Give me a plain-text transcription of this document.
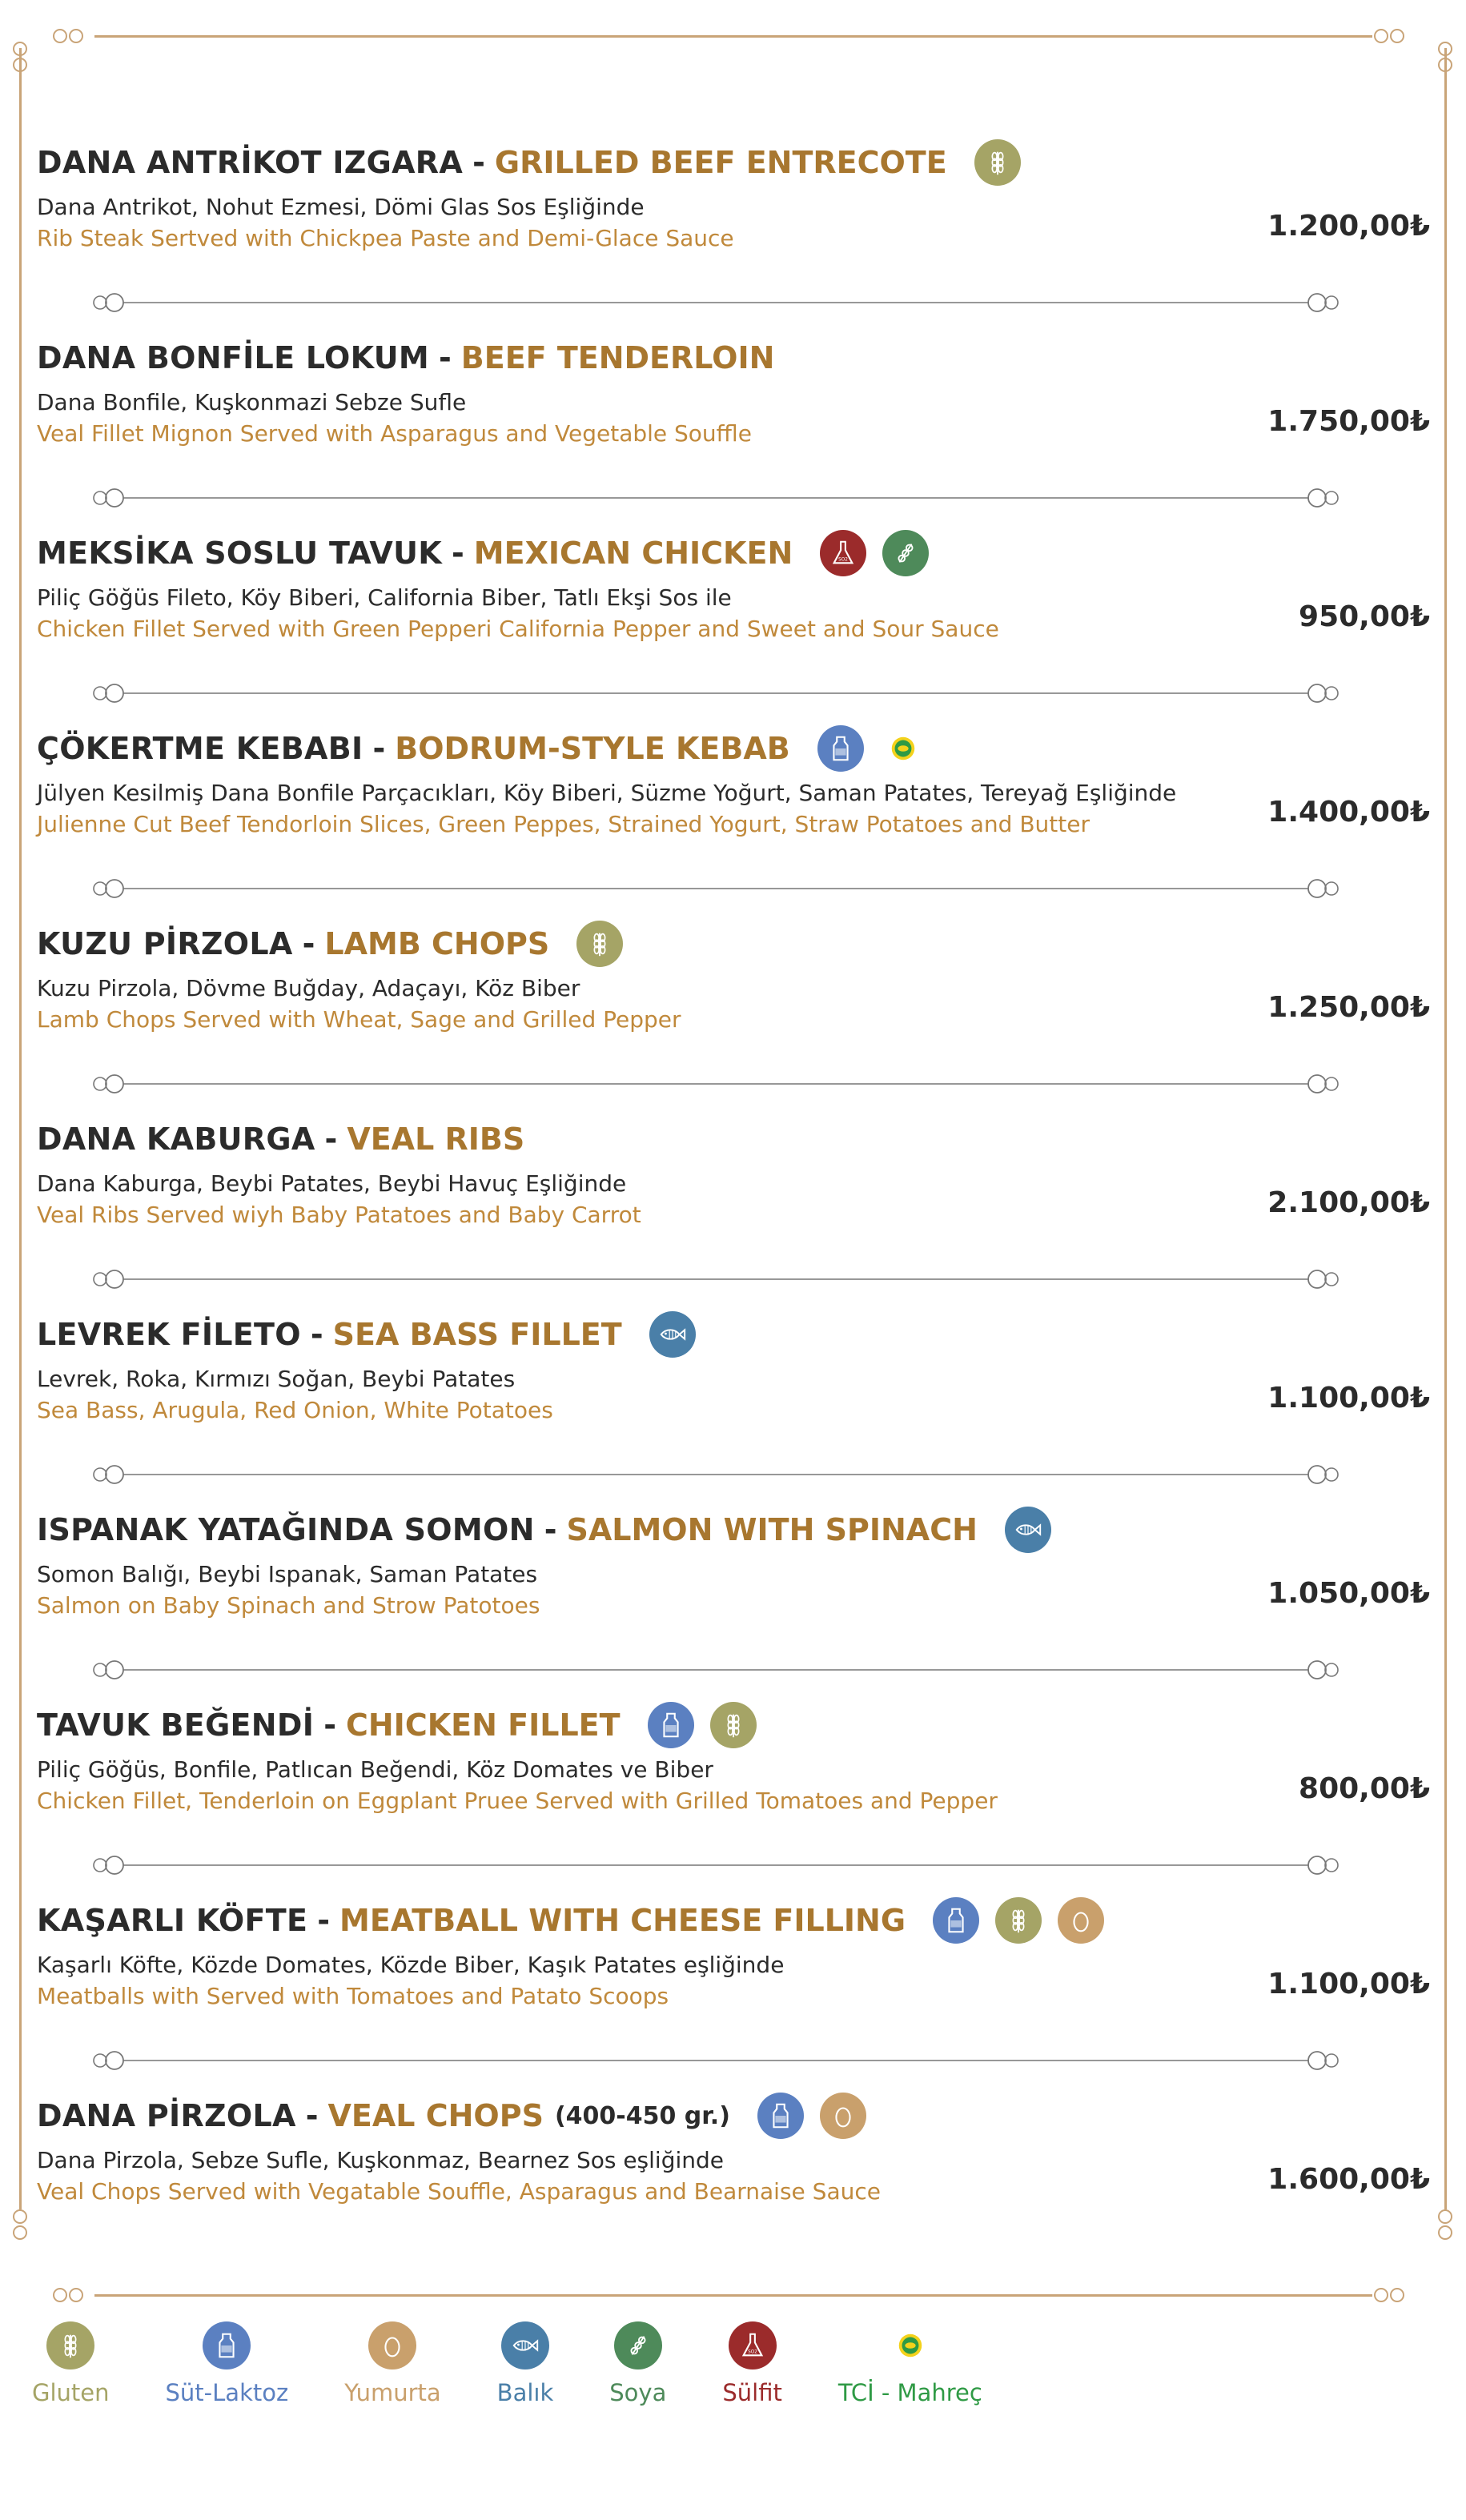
DANA ANTRİKOT IZGARA - GRILLED BEEF ENTRECOTE
Dana Antrikot, Nohut Ezmesi, Dömi Glas Sos Eşliğinde
Rib Steak Sertved with Chickpea Paste and Demi-Glace Sauce	1.200,00₺
DANA BONFİLE LOKUM - BEEF TENDERLOIN
Dana Bonfile, Kuşkonmazi Sebze Sufle
Veal Fillet Mignon Served with Asparagus and Vegetable Souffle	1.750,00₺
MEKSİKA SOSLU TAVUK - MEXICAN CHICKEN	SO2
Piliç Göğüs Fileto, Köy Biberi, California Biber, Tatlı Ekşi Sos ile
Chicken Fillet Served with Green Pepperi California Pepper and Sweet and Sour Sauce	950,00₺
ÇÖKERTME KEBABI - BODRUM-STYLE KEBAB
Jülyen Kesilmiş Dana Bonfile Parçacıkları, Köy Biberi, Süzme Yoğurt, Saman Patates, Tereyağ Eşliğinde
Julienne Cut Beef Tendorloin Slices, Green Peppes, Strained Yogurt, Straw Potatoes and Butter	1.400,00₺
KUZU PİRZOLA - LAMB CHOPS
Kuzu Pirzola, Dövme Buğday, Adaçayı, Köz Biber
Lamb Chops Served with Wheat, Sage and Grilled Pepper	1.250,00₺
DANA KABURGA - VEAL RIBS
Dana Kaburga, Beybi Patates, Beybi Havuç Eşliğinde
Veal Ribs Served wiyh Baby Patatoes and Baby Carrot	2.100,00₺
LEVREK FİLETO - SEA BASS FILLET
Levrek, Roka, Kırmızı Soğan, Beybi Patates
Sea Bass, Arugula, Red Onion, White Potatoes	1.100,00₺
ISPANAK YATAĞINDA SOMON - SALMON WITH SPINACH
Somon Balığı, Beybi Ispanak, Saman Patates
Salmon on Baby Spinach and Strow Patotoes	1.050,00₺
TAVUK BEĞENDİ - CHICKEN FILLET
Piliç Göğüs, Bonfile, Patlıcan Beğendi, Köz Domates ve Biber
Chicken Fillet, Tenderloin on Eggplant Pruee Served with Grilled Tomatoes and Pepper	800,00₺
KAŞARLI KÖFTE - MEATBALL WITH CHEESE FILLING
Kaşarlı Köfte, Közde Domates, Közde Biber, Kaşık Patates eşliğinde
Meatballs with Served with Tomatoes and Patato Scoops	1.100,00₺
DANA PİRZOLA - VEAL CHOPS (400-450 gr.)
Dana Pirzola, Sebze Sufle, Kuşkonmaz, Bearnez Sos eşliğinde
Veal Chops Served with Vegatable Souffle, Asparagus and Bearnaise Sauce	1.600,00₺
Gluten Süt-Laktoz Yumurta Balık Soya
SO2
Sülfit TCİ - Mahreç
